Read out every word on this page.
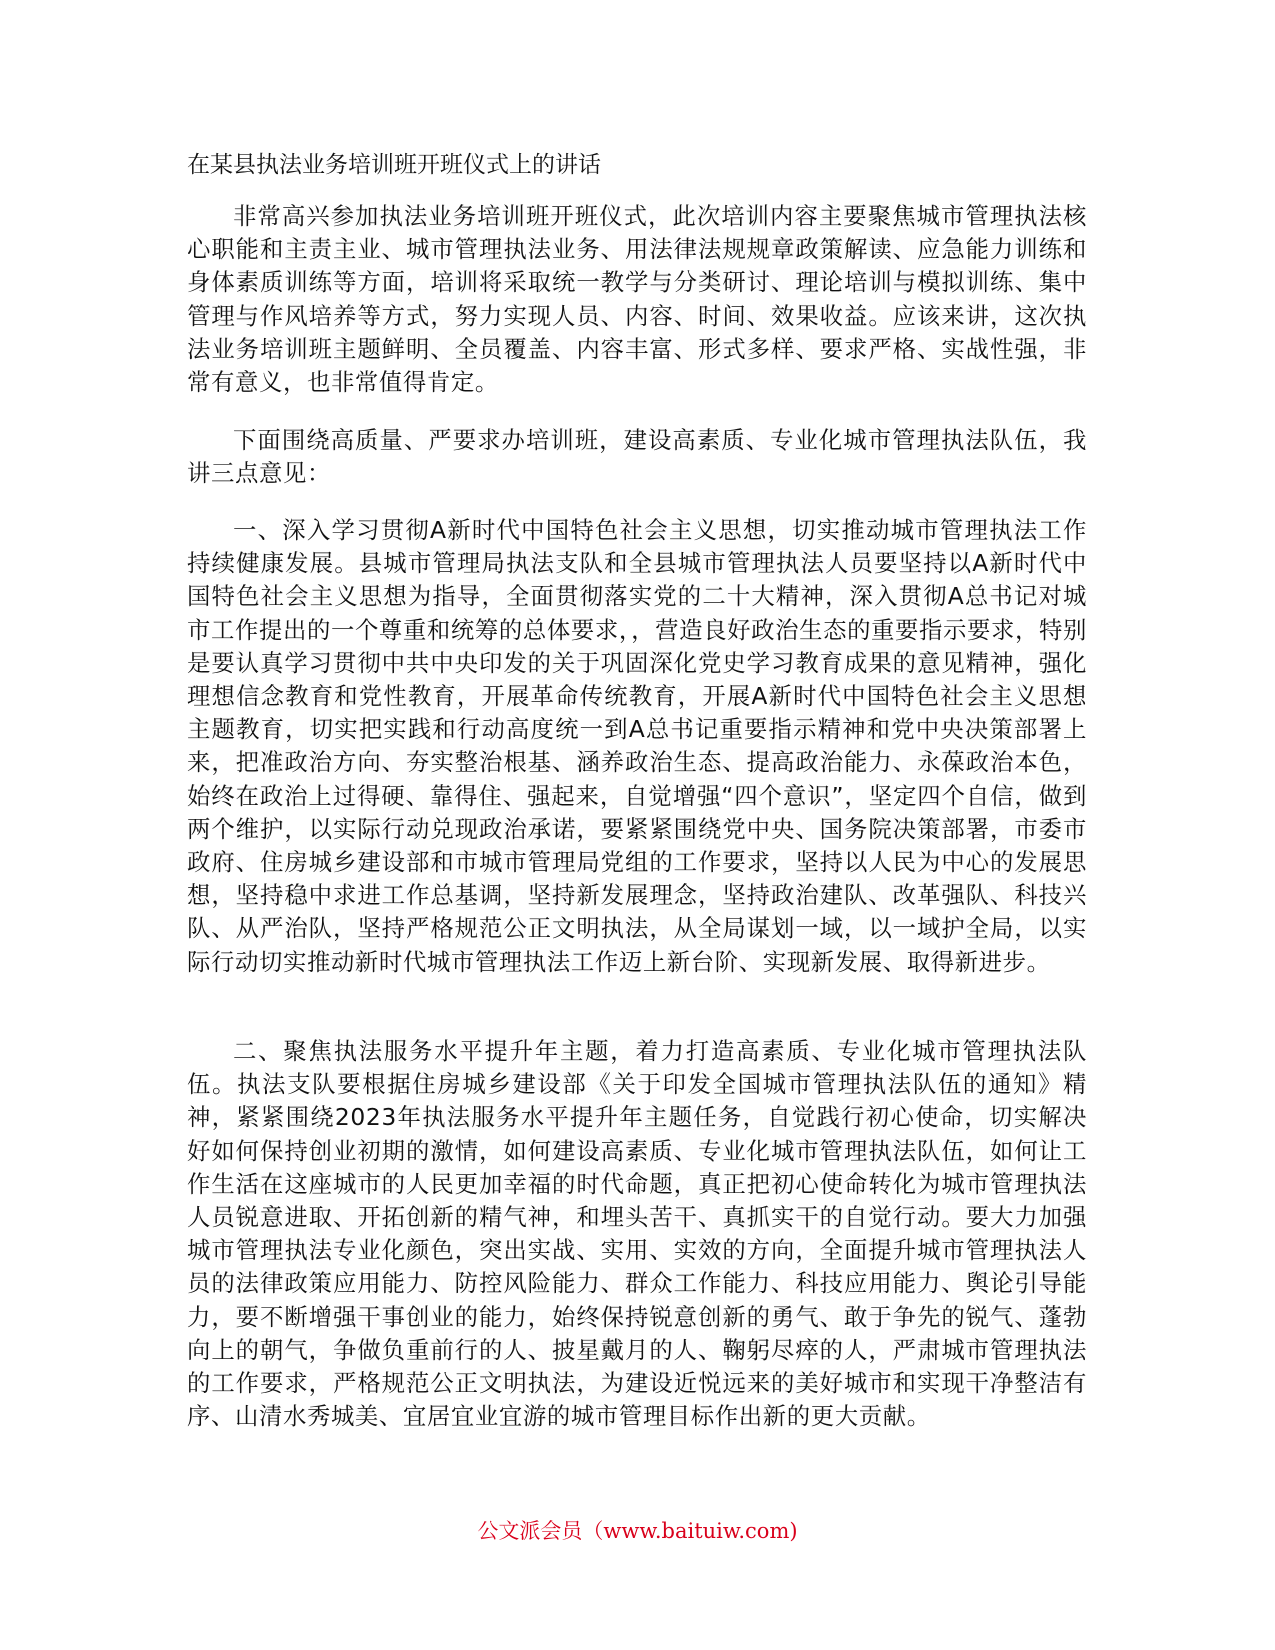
在某县执法业务培训班开班仪式上的讲话

非常高兴参加执法业务培训班开班仪式，此次培训内容主要聚焦城市管理执法核心职能和主责主业、城市管理执法业务、用法律法规规章政策解读、应急能力训练和身体素质训练等方面，培训将采取统一教学与分类研讨、理论培训与模拟训练、集中管理与作风培养等方式，努力实现人员、内容、时间、效果收益。应该来讲，这次执法业务培训班主题鲜明、全员覆盖、内容丰富、形式多样、要求严格、实战性强，非常有意义，也非常值得肯定。

下面围绕高质量、严要求办培训班，建设高素质、专业化城市管理执法队伍，我讲三点意见：

一、深入学习贯彻A新时代中国特色社会主义思想，切实推动城市管理执法工作持续健康发展。县城市管理局执法支队和全县城市管理执法人员要坚持以A新时代中国特色社会主义思想为指导，全面贯彻落实党的二十大精神，深入贯彻A总书记对城市工作提出的一个尊重和统筹的总体要求，，营造良好政治生态的重要指示要求，特别是要认真学习贯彻中共中央印发的关于巩固深化党史学习教育成果的意见精神，强化理想信念教育和党性教育，开展革命传统教育，开展A新时代中国特色社会主义思想主题教育，切实把实践和行动高度统一到A总书记重要指示精神和党中央决策部署上来，把准政治方向、夯实整治根基、涵养政治生态、提高政治能力、永葆政治本色，始终在政治上过得硬、靠得住、强起来，自觉增强“四个意识”，坚定四个自信，做到两个维护，以实际行动兑现政治承诺，要紧紧围绕党中央、国务院决策部署，市委市政府、住房城乡建设部和市城市管理局党组的工作要求，坚持以人民为中心的发展思想，坚持稳中求进工作总基调，坚持新发展理念，坚持政治建队、改革强队、科技兴队、从严治队，坚持严格规范公正文明执法，从全局谋划一域，以一域护全局，以实际行动切实推动新时代城市管理执法工作迈上新台阶、实现新发展、取得新进步。

二、聚焦执法服务水平提升年主题，着力打造高素质、专业化城市管理执法队伍。执法支队要根据住房城乡建设部《关于印发全国城市管理执法队伍的通知》精神，紧紧围绕2023年执法服务水平提升年主题任务，自觉践行初心使命，切实解决好如何保持创业初期的激情，如何建设高素质、专业化城市管理执法队伍，如何让工作生活在这座城市的人民更加幸福的时代命题，真正把初心使命转化为城市管理执法人员锐意进取、开拓创新的精气神，和埋头苦干、真抓实干的自觉行动。要大力加强城市管理执法专业化颜色，突出实战、实用、实效的方向，全面提升城市管理执法人员的法律政策应用能力、防控风险能力、群众工作能力、科技应用能力、舆论引导能力，要不断增强干事创业的能力，始终保持锐意创新的勇气、敢于争先的锐气、蓬勃向上的朝气，争做负重前行的人、披星戴月的人、鞠躬尽瘁的人，严肃城市管理执法的工作要求，严格规范公正文明执法，为建设近悦远来的美好城市和实现干净整洁有序、山清水秀城美、宜居宜业宜游的城市管理目标作出新的更大贡献。

公文派会员（www.baituiw.com)
